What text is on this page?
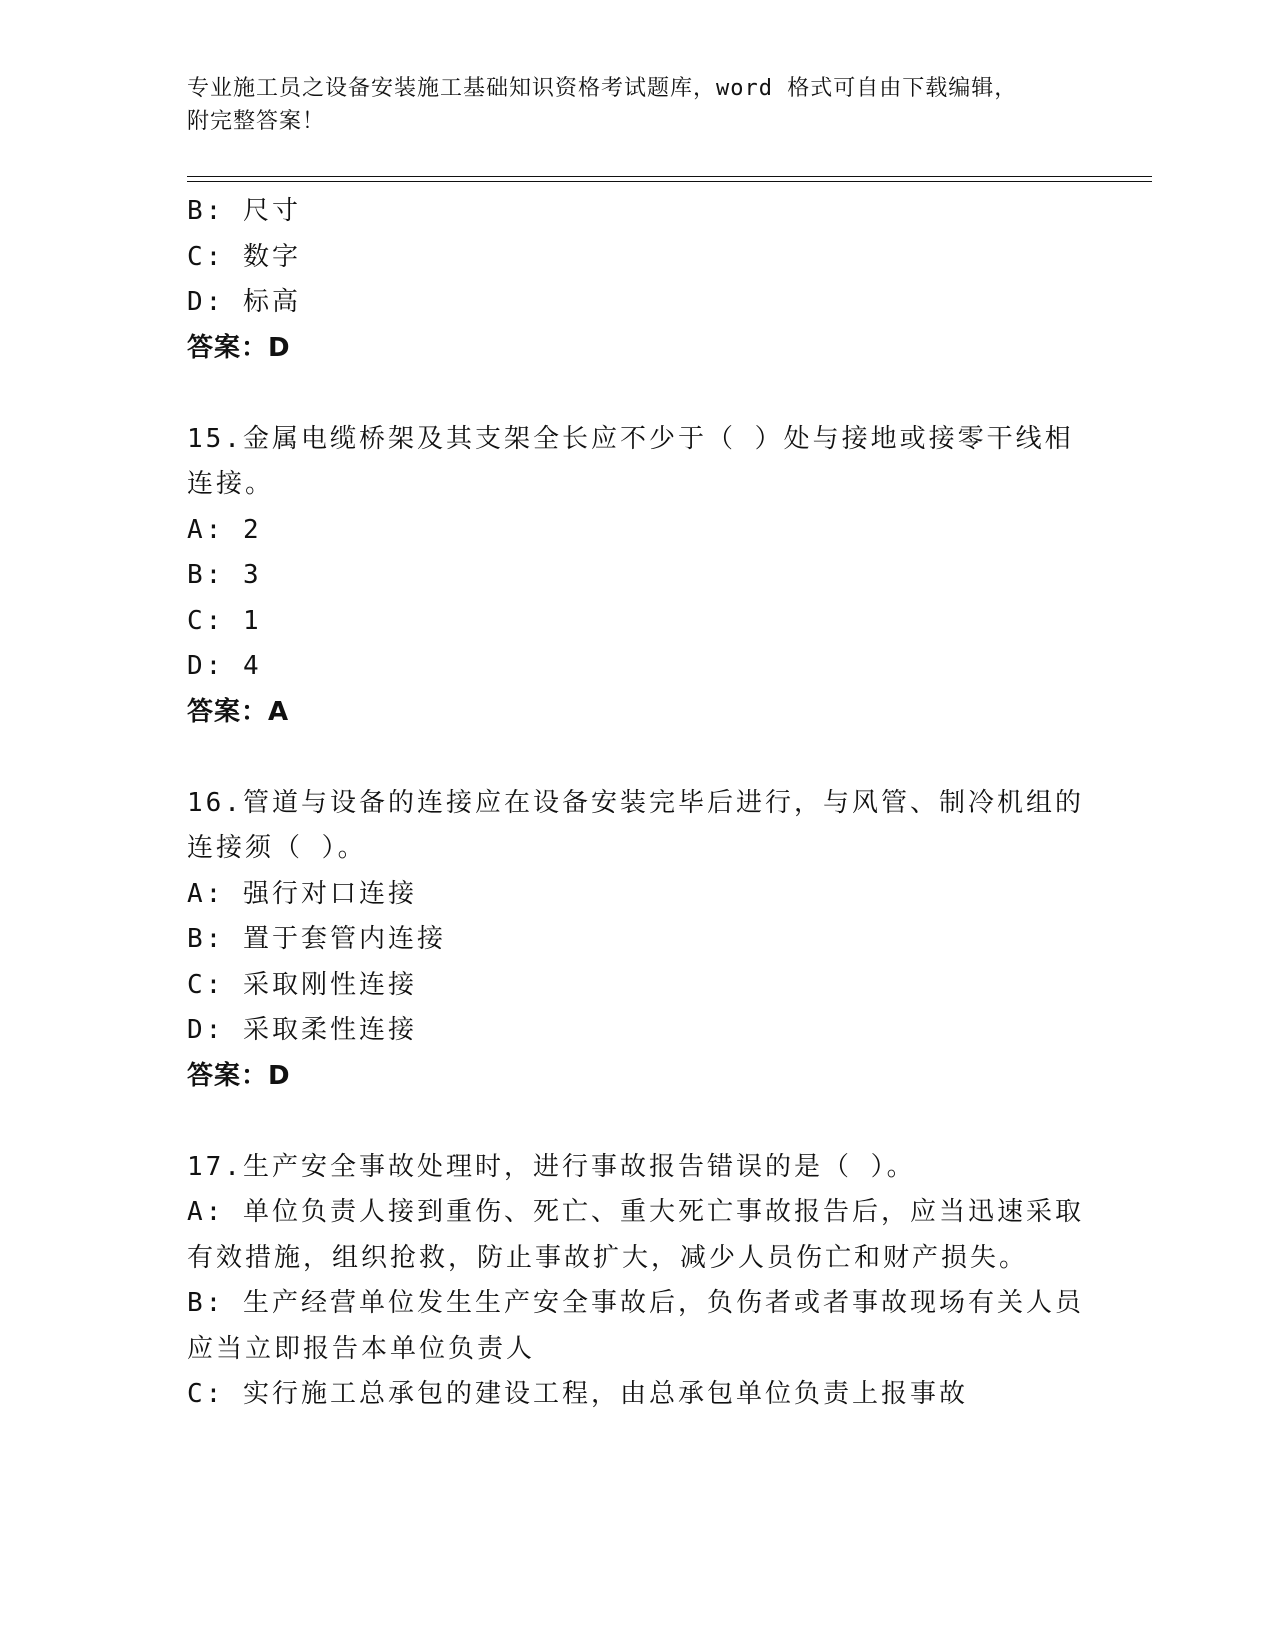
专业施工员之设备安装施工基础知识资格考试题库，word 格式可自由下载编辑，
附完整答案！
B: 尺寸
C: 数字
D: 标高
答案：D
15.金属电缆桥架及其支架全长应不少于（ ）处与接地或接零干线相
连接。
A: 2
B: 3
C: 1
D: 4
答案：A
16.管道与设备的连接应在设备安装完毕后进行，与风管、制冷机组的
连接须（ ）。
A: 强行对口连接
B: 置于套管内连接
C: 采取刚性连接
D: 采取柔性连接
答案：D
17.生产安全事故处理时，进行事故报告错误的是（ ）。
A: 单位负责人接到重伤、死亡、重大死亡事故报告后，应当迅速采取
有效措施，组织抢救，防止事故扩大，减少人员伤亡和财产损失。
B: 生产经营单位发生生产安全事故后，负伤者或者事故现场有关人员
应当立即报告本单位负责人
C: 实行施工总承包的建设工程，由总承包单位负责上报事故
